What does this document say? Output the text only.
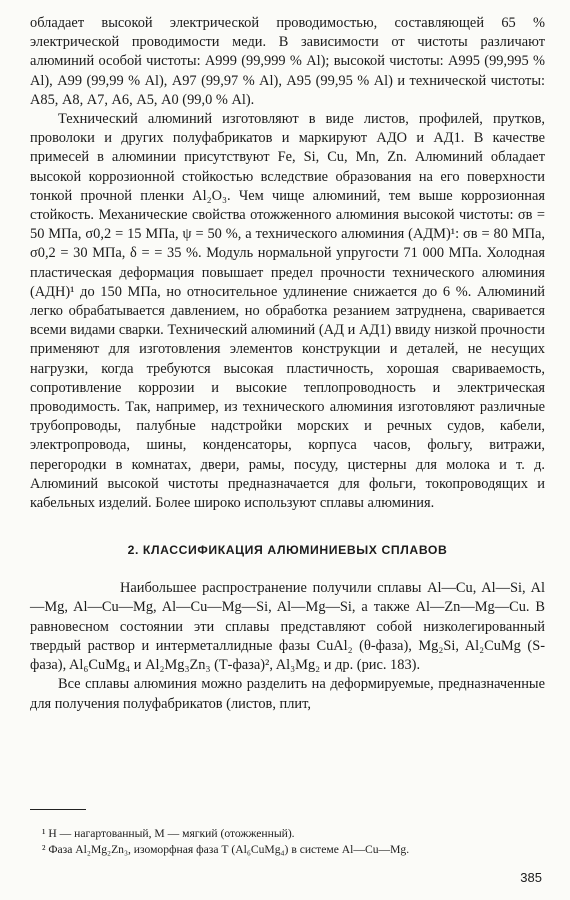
обладает высокой электрической проводимостью, составляющей 65 % электрической проводимости меди. В зависимости от чистоты различают алюминий особой чистоты: А999 (99,999 % Al); высокой чистоты: А995 (99,995 % Al), А99 (99,99 % Al), А97 (99,97 % Al), А95 (99,95 % Al) и технической чистоты: А85, А8, А7, А6, А5, А0 (99,0 % Al).

Технический алюминий изготовляют в виде листов, профилей, прутков, проволоки и других полуфабрикатов и маркируют АДО и АД1. В качестве примесей в алюминии присутствуют Fe, Si, Cu, Mn, Zn. Алюминий обладает высокой коррозионной стойкостью вследствие образования на его поверхности тонкой прочной пленки Al₂O₃. Чем чище алюминий, тем выше коррозионная стойкость. Механические свойства отожженного алюминия высокой чистоты: σв = 50 МПа, σ0,2 = 15 МПа, ψ = 50 %, а технического алюминия (АДМ)¹: σв = 80 МПа, σ0,2 = 30 МПа, δ = = 35 %. Модуль нормальной упругости 71 000 МПа. Холодная пластическая деформация повышает предел прочности технического алюминия (АДН)¹ до 150 МПа, но относительное удлинение снижается до 6 %. Алюминий легко обрабатывается давлением, но обработка резанием затруднена, сваривается всеми видами сварки. Технический алюминий (АД и АД1) ввиду низкой прочности применяют для изготовления элементов конструкции и деталей, не несущих нагрузки, когда требуются высокая пластичность, хорошая свариваемость, сопротивление коррозии и высокие теплопроводность и электрическая проводимость. Так, например, из технического алюминия изготовляют различные трубопроводы, палубные надстройки морских и речных судов, кабели, электропровода, шины, конденсаторы, корпуса часов, фольгу, витражи, перегородки в комнатах, двери, рамы, посуду, цистерны для молока и т. д. Алюминий высокой чистоты предназначается для фольги, токопроводящих и кабельных изделий. Более широко используют сплавы алюминия.

2. КЛАССИФИКАЦИЯ АЛЮМИНИЕВЫХ СПЛАВОВ

Наибольшее распространение получили сплавы Al—Cu, Al—Si, Al—Mg, Al—Cu—Mg, Al—Cu—Mg—Si, Al—Mg—Si, а также Al—Zn—Mg—Cu. В равновесном состоянии эти сплавы представляют собой низколегированный твердый раствор и интерметаллидные фазы CuAl₂ (θ-фаза), Mg₂Si, Al₂CuMg (S-фаза), Al₆CuMg₄ и Al₂Mg₃Zn₃ (Т-фаза)², Al₃Mg₂ и др. (рис. 183).

Все сплавы алюминия можно разделить на деформируемые, предназначенные для получения полуфабрикатов (листов, плит,

¹ Н — нагартованный, М — мягкий (отожженный).

² Фаза Al₂Mg₂Zn₃, изоморфная фаза Т (Al₆CuMg₄) в системе Al—Cu—Mg.

385
